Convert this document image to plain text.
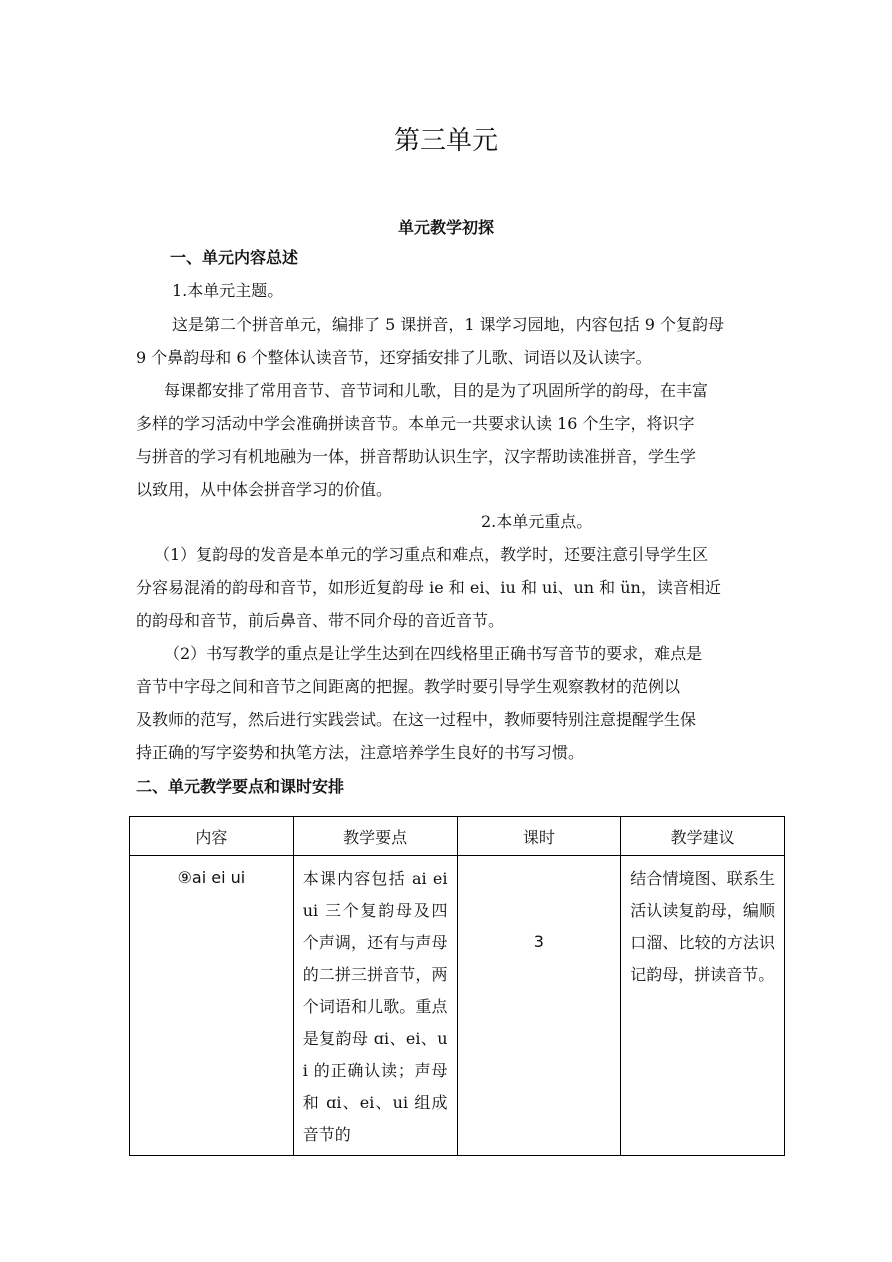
第三单元
单元教学初探
一、单元内容总述
1.本单元主题。
这是第二个拼音单元，编排了 5 课拼音，1 课学习园地，内容包括 9 个复韵母
9 个鼻韵母和 6 个整体认读音节，还穿插安排了儿歌、词语以及认读字。
每课都安排了常用音节、音节词和儿歌，目的是为了巩固所学的韵母，在丰富
多样的学习活动中学会准确拼读音节。本单元一共要求认读 16 个生字，将识字
与拼音的学习有机地融为一体，拼音帮助认识生字，汉字帮助读准拼音，学生学
以致用，从中体会拼音学习的价值。
2.本单元重点。
（1）复韵母的发音是本单元的学习重点和难点，教学时，还要注意引导学生区
分容易混淆的韵母和音节，如形近复韵母 ie 和 ei、iu 和 ui、un 和 ün，读音相近
的韵母和音节，前后鼻音、带不同介母的音近音节。
（2）书写教学的重点是让学生达到在四线格里正确书写音节的要求，难点是
音节中字母之间和音节之间距离的把握。教学时要引导学生观察教材的范例以
及教师的范写，然后进行实践尝试。在这一过程中，教师要特别注意提醒学生保
持正确的写字姿势和执笔方法，注意培养学生良好的书写习惯。
二、单元教学要点和课时安排
内容	教学要点	课时	教学建议

⑨ai ei ui	本课内容包括 ai ei ui 三个复韵母及四个声调，还有与声母的二拼三拼音节，两个词语和儿歌。重点是复韵母 ɑi、ei、ui 的正确认读；声母和 ɑi、ei、ui 组成音节的	3	结合情境图、联系生活认读复韵母，编顺口溜、比较的方法识记韵母，拼读音节。
